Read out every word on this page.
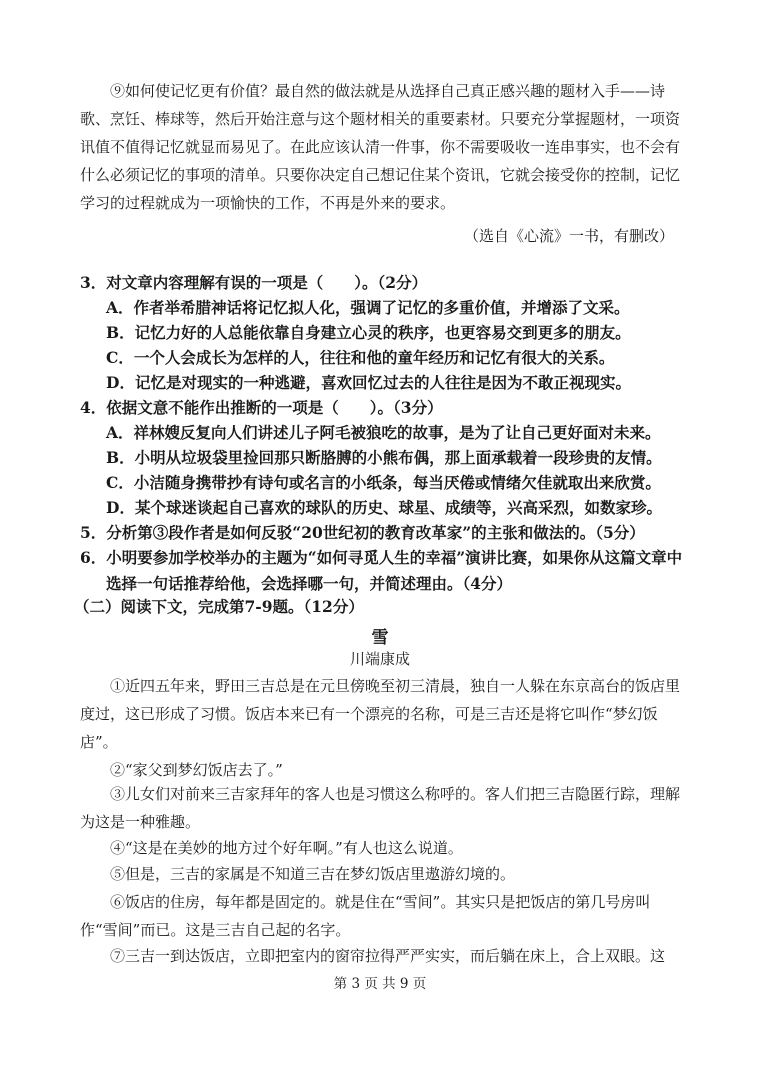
⑨如何使记忆更有价值？最自然的做法就是从选择自己真正感兴趣的题材入手——诗歌、烹饪、棒球等，然后开始注意与这个题材相关的重要素材。只要充分掌握题材，一项资讯值不值得记忆就显而易见了。在此应该认清一件事，你不需要吸收一连串事实，也不会有什么必须记忆的事项的清单。只要你决定自己想记住某个资讯，它就会接受你的控制，记忆学习的过程就成为一项愉快的工作，不再是外来的要求。

（选自《心流》一书，有删改）

3．对文章内容理解有误的一项是（　　）。（2分）

A．作者举希腊神话将记忆拟人化，强调了记忆的多重价值，并增添了文采。

B．记忆力好的人总能依靠自身建立心灵的秩序，也更容易交到更多的朋友。

C．一个人会成长为怎样的人，往往和他的童年经历和记忆有很大的关系。

D．记忆是对现实的一种逃避，喜欢回忆过去的人往往是因为不敢正视现实。

4．依据文意不能作出推断的一项是（　　）。（3分）

A．祥林嫂反复向人们讲述儿子阿毛被狼吃的故事，是为了让自己更好面对未来。

B．小明从垃圾袋里捡回那只断胳膊的小熊布偶，那上面承载着一段珍贵的友情。

C．小洁随身携带抄有诗句或名言的小纸条，每当厌倦或情绪欠佳就取出来欣赏。

D．某个球迷谈起自己喜欢的球队的历史、球星、成绩等，兴高采烈，如数家珍。

5．分析第③段作者是如何反驳“20世纪初的教育改革家”的主张和做法的。（5分）

6．小明要参加学校举办的主题为“如何寻觅人生的幸福”演讲比赛，如果你从这篇文章中
选择一句话推荐给他，会选择哪一句，并简述理由。（4分）

（二）阅读下文，完成第7-9题。（12分）
雪
川端康成

①近四五年来，野田三吉总是在元旦傍晚至初三清晨，独自一人躲在东京高台的饭店里度过，这已形成了习惯。饭店本来已有一个漂亮的名称，可是三吉还是将它叫作“梦幻饭店”。

②“家父到梦幻饭店去了。”

③儿女们对前来三吉家拜年的客人也是习惯这么称呼的。客人们把三吉隐匿行踪，理解为这是一种雅趣。

④“这是在美妙的地方过个好年啊。”有人也这么说道。

⑤但是，三吉的家属是不知道三吉在梦幻饭店里遨游幻境的。

⑥饭店的住房，每年都是固定的。就是住在“雪间”。其实只是把饭店的第几号房叫作“雪间”而已。这是三吉自己起的名字。

⑦三吉一到达饭店，立即把室内的窗帘拉得严严实实，而后躺在床上，合上双眼。这

第 3 页 共 9 页
